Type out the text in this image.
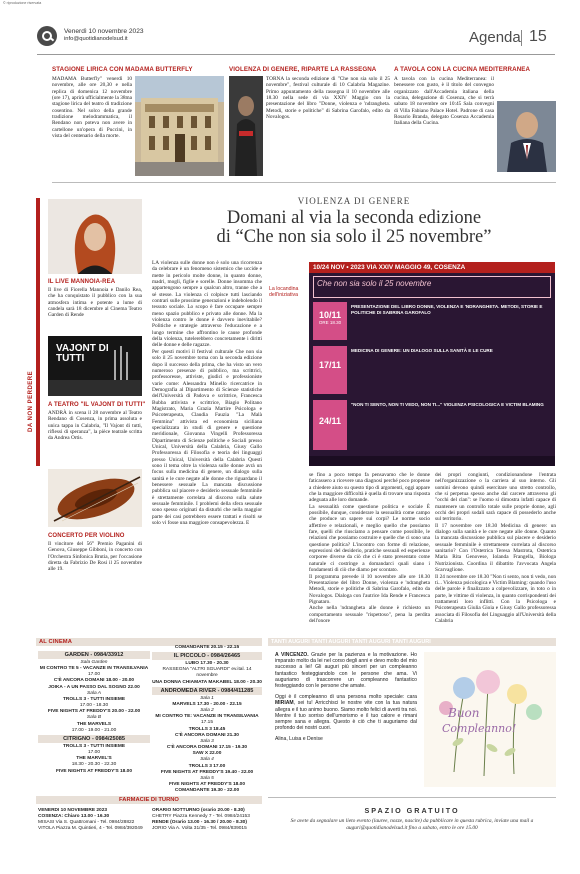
© riproduzione riservata
Venerdì 10 novembre 2023
info@quotidianodelsud.it	Agenda 15
STAGIONE LIRICA CON MADAMA BUTTERFLY
MADAMA Butterfly" venerdì 10 novembre, alle ore 20,30 e nella replica di domenica 12 novembre (ore 17), aprirà ufficialmente la 38ma stagione lirica del teatro di tradizione cosentino. Nel solco della grande tradizione melodrammatica, il Rendano non poteva non avere in cartellone un'opera di Puccini, in vista del centenario della morte.
VIOLENZA DI GENERE, RIPARTE LA RASSEGNA
TORNA la seconda edizione di "Che non sia solo il 25 novembre", festival culturale di 10 Calabria Magazine. Primo appuntamento della rassegna il 10 novembre alle 18.30 nella sede di via XXIV Maggio con la presentazione del libro "Donne, violenza e 'ndrangheta. Metodi, storie e politiche" di Sabrina Garofalo, edito da Novalogos.
A TAVOLA CON LA CUCINA MEDITERRANEA
A tavola con la cucina Mediterranea: il benessere con gusto, è il titolo del convegno organizzato dall'Accademia italiana della cucina, delegazione di Cosenza, che si terrà sabato 18 novembre ore 10:45 Sala convegni di Villa Fabiano Palace Hotel. Padrone di casa Rosario Branda, delegato Cosenza Accademia Italiana della Cucina.
DA NON PERDERE
IL LIVE MANNOIA-REA
Il live di Fiorella Mannoia e Danilo Rea, che ha conquistato il pubblico con la sua atmosfera intima e potente a lume di candela sarà 18 dicembre al Cinema Teatro Garden di Rende
VAJONT DI TUTTI
A TEATRO "IL VAJONT DI TUTTI"
ANDRÀ in scena il 28 novembre al Teatro Rendano di Cosenza, in prima assoluta e unica tappa in Calabria, "Il Vajont di tutti, riflessi di speranza", la pièce teatrale scritta da Andrea Ortis.
CONCERTO PER VIOLINO
Il vincitore del 56° Premio Paganini di Genova, Giuseppe Gibboni, in concerto con l'Orchestra Sinfonica Brutia, per l'occasione diretta da Fabrizio De Rosi il 25 novembre alle 19.
VIOLENZA DI GENERE
Domani al via la seconda edizione
di “Che non sia solo il 25 novembre”
LA violenza sulle donne non è solo una ricorrenza da celebrare è un fenomeno sistemico che uccide e mette in pericolo molte donne, in quanto donne, madri, mogli, figlie e sorelle. Donne insomma che appartengono sempre a qualcun altro, tranne che a sé stesse. La violenza ci colpisce tutti lasciando contrari sulle prossime generazioni e indebolendo il tessuto sociale. Lo scopo è fare occupare sempre meno spazio pubblico e privato alle donne. Ma la violenza contro le donne è davvero inevitabile? Politiche e strategie attraverso l'educazione e a lungo termine che affrontino le cause profonde della violenza, tutelerebbero concretamente i diritti delle donne e delle ragazze.
Per questi motivi il festival culturale Che non sia solo il 25 novembre torna con la seconda edizione dopo il successo della prima, che ha visto un vero numeroso presenze di pubblico, ma scrittrici, professoresse, attiviste, giudici e professioniste varie come: Alessandra Minello ricercatrice in Demografia al Dipartimento di Scienze statistiche dell'Università di Padova e scrittrice, Francesca Bubba attivista e scrittrice, Biagio Politano Magistrato, Maria Grazia Martire Psicologa e Psicoterapeuta, Claudia Fauzia "La Malà Femmina" attivista ed economista siciliana specializzata in studi di genere e questione meridionale, Giovanna Vingelli Professoressa Dipartimento di Scienze politiche e Sociali presso Unical, Università della Calabria, Giusy Gallo Professoressa di Filosofia e teoria dei linguaggi presso Unical, Università della Calabria Questi sono il tema oltre la violenza sulle donne avrà un focus sulla medicina di genere, un dialogo sulla sanità e le cure negate alle donne che riguardano il benessere sessuale La mancata discussione pubblica sul piacere e desiderio sessuale femminile è strettamente correlata al discorso sulla salute sessuale femminile. I problemi della sfera sessuale sono spesso originati da disturbi che nella maggior parte dei casi potrebbero essere trattati e risolti se solo vi fosse una maggiore consapevolezza. E
La locandina dell'iniziativa
10/24 NOV • 2023 VIA XXIV MAGGIO 49, COSENZA
Che non sia solo il 25 novembre
10/11
ORE 18.30
PRESENTAZIONE DEL LIBRO DONNE, VIOLENZA E 'NDRANGHETA. METODI, STORIE E POLITICHE DI SABRINA GAROFALO
17/11
MEDICINA DI GENERE: UN DIALOGO SULLA SANITÀ E LE CURE
24/11
"NON TI SENTO, NON TI VEDO, NON TI..." VIOLENZA PSICOLOGICA E VICTIM BLAMING
se fino a poco tempo fa pensavamo che le donne faticassero a ricevere una diagnosi perché poco propense a chiedere aiuto su questo tipo di argomenti, oggi appare che la maggiore difficoltà è quella di trovare una risposta adeguata alle loro domande.
La sessualità come questione politica e sociale È possibile, dunque, considerare la sessualità come campo che produce un sapere sui corpi? Le norme socio affettive e relazionali, e meglio quello che possiamo fare, quelli che riusciamo a pensare come possibile, le relazioni che possiamo costruire e quelle che ci sono una questione politica? L'incontro con forme di relazione, espressioni del desiderio, pratiche sessuali ed esperienze corporee diverse da ciò che ci è stato presentato come naturale ci costringe a domandarci quali siano i fondamenti di ciò che diamo per scontato.
Il programma prevede il 10 novembre alle ore 18.30 Presentazione del libro Donne, violenza e 'ndrangheta Metodi, storie e politiche di Sabrina Garofalo, edito da Novalogos. Dialoga con l'autrice Ida Rende e Francesca Pignataro.
Anche nella 'ndrangheta alle donne è richiesto un comportamento sessuale "rispettoso", pena la perdita dell'onore
dei propri congiunti, condizionandone l'entrata nell'organizzazione o la carriera al suo interno. Gli uomini devono quindi esercitare uno stretto controllo, che si perpetua spesso anche dal carcere attraverso gli "occhi del clan": se l'uomo si dimostra infatti capace di mantenere un controllo totale sulle proprie donne, agli occhi dei propri sodali sarà capace di possederlo anche sul territorio.
Il 17 novembre ore 18.30 Medicina di genere: un dialogo sulla sanità e le cure negate alle donne. Quanto la mancata discussione pubblica sul piacere e desiderio sessuale femminile è strettamente correlata al discorso sanitario? Con l'Ostetrica Teresa Mastrota, Ostetrica Maria Rita Genovese, Iolanda Frangella, Biologa Nutrizionista. Coordina il dibattito l'avvocata Angela Scarvaglione.
Il 24 novembre ore 18.30 "Non ti sento, non ti vedo, non ti... Violenza psicologica e Victim Blaming: quando l'uso delle parole è finalizzato a colpevolizzare, in toto o in parte, le vittime di violenza, in quanto corrispondenti dei trattamenti loro inflitti. Con la Psicologa e Psicoterapeuta Giulia Gioia e Giusy Gallo professoressa associata di Filosofia del Linguaggio all'Università della Calabria
AL CINEMA
GARDEN - 0984/33912
Sala Garden
MI CONTRO TE 5 - VACANZE IN TRANSILVANIA
17.00
C'È ANCORA DOMANI 18.00 - 20.00
JOIKA - A UN PASSO DAL SOGNO 22.00
Sala A
TROLLS 3 - TUTTI INSIEME
17.00 - 18.30
FIVE NIGHTS AT FREDDY'S 20.00 - 22.00
Sala B
THE MARVELS
17.00 - 19.00 - 21.00
CITRIGNO - 0984/25085
TROLLS 3 - TUTTI INSIEME
17.00
THE MARVEL'S
18.30 - 20.30 - 22.30
FIVE NIGHTS AT FREDDY'S 18.00
COMANDANTE 20.15 - 22.15
IL PICCOLO - 0984/26465
LUBO 17.30 - 20.30
RASSEGNA "ALTRI SGUARDI" ev.ital. 14 novembre
UNA DONNA CHIAMATA MAKABEL 18.00 - 20.30
ANDROMEDA RIVER - 0984/411285
Sala 1
MARVELS 17.30 - 20.00 - 22.15
Sala 2
MI CONTRO TE: VACANZE IN TRANSILVANIA
17.15
TROLLS 3 18.45
C'È ANCORA DOMANI 21.30
Sala 3
C'È ANCORA DOMANI 17.15 - 19.30
SAW X 22.00
Sala 4
TROLLS 3 17.00
FIVE NIGHTS AT FREDDY'S 19.40 - 22.00
Sala 5
FIVE NIGHTS AT FREDDY'S 18.00
COMANDANTE 19.30 - 22.00
FARMACIE DI TURNO
VENERDI 10 NOVEMBRE 2023
COSENZA: Chiaro 13.00 - 16.30
MISASI Via S. Quattromani - Tel. 0984/28822
VITOLA Piazza M. Quintieri, 4 - Tel. 0984/392049
ORARIO NOTTURNO (orario 20.00 - 8.30)
CHETRY Piazza Kennedy 7 - Tel. 0984/24153
RENDE (Orario 13.00 - 16.30 / 20.00 - 8.30)
JORIO Via A. Volta 31/35 - Tel. 0984/839015
TANTI AUGURI TANTI AUGURI TANTI AUGURI TANTI AUGURI

A VINCENZO. Grazie per la pazienza e la motivazione. Ho imparato molto da lei nel corso degli anni e devo molto del mio successo a lei! Gli auguri più sinceri per un compleanno fantastico festeggiandolo con le persone che ama. Vi auguriamo di trascorrere un compleanno fantastico festeggiando con le persone che amate.

Oggi è il compleanno di una persona molto speciale: cara MIRIAM, sei tu! Arricchisci le nostre vite con la tua natura allegra e il tuo animo buono. Siamo molto felici di averti tra noi. Mentre il tuo sorriso dell'umorismo e il tuo calore e rimani sempre sana e allegra. Questo è ciò che ti auguriamo dal profondo dei nostri cuori.

Alina, Luisa e Denise

Buon
Compleanno!
SPAZIO GRATUITO
Se avete da segnalare un lieto evento (lauree, nozze, nascite) da pubblicare in questa rubrica, inviate una mail a auguri@quotidianodelsud.it fino a sabato, entro le ore 15.00
